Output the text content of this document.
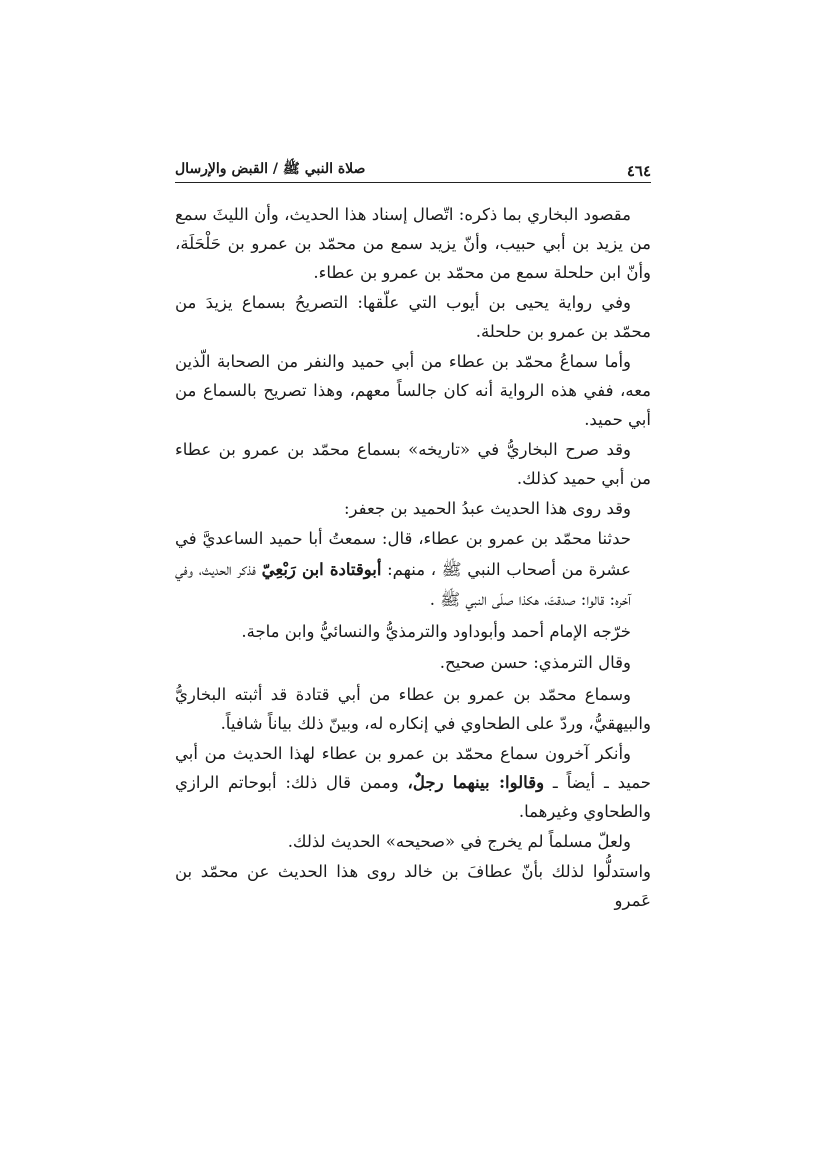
٤٦٤
صلاة النبي ﷺ / القبض والإرسال

مقصود البخاري بما ذكره: اتّصال إسناد هذا الحديث، وأن الليثَ سمع من يزيد بن أبي حبيب، وأنّ يزيد سمع من محمّد بن عمرو بن حَلْحَلَة، وأنّ ابن حلحلة سمع من محمّد بن عمرو بن عطاء.

وفي رواية يحيى بن أيوب التي علّقها: التصريحُ بسماع يزيدَ من محمّد بن عمرو بن حلحلة.

وأما سماعُ محمّد بن عطاء من أبي حميد والنفر من الصحابة الّذين معه، ففي هذه الرواية أنه كان جالساً معهم، وهذا تصريح بالسماع من أبي حميد.

وقد صرح البخاريُّ في «تاريخه» بسماع محمّد بن عمرو بن عطاء من أبي حميد كذلك.

وقد روى هذا الحديث عبدُ الحميد بن جعفر:

حدثنا محمّد بن عمرو بن عطاء، قال: سمعتُ أبا حميد الساعديَّ في عشرة من أصحاب النبي ﷺ ، منهم: أبوقتادة ابن رَبْعِيّ فذكر الحديث، وفي آخره: قالوا: صدقتَ، هكذا صلّى النبي ﷺ .

خرّجه الإمام أحمد وأبوداود والترمذيُّ والنسائيُّ وابن ماجة.

وقال الترمذي: حسن صحيح.

وسماع محمّد بن عمرو بن عطاء من أبي قتادة قد أثبته البخاريُّ والبيهقيُّ، وردّ على الطحاوي في إنكاره له، وبينّ ذلك بياناً شافياً.

وأنكر آخرون سماع محمّد بن عمرو بن عطاء لهذا الحديث من أبي حميد ـ أيضاً ـ وقالوا: بينهما رجلٌ، وممن قال ذلك: أبوحاتم الرازي والطحاوي وغيرهما.

ولعلّ مسلماً لم يخرج في «صحيحه» الحديث لذلك.

واستدلُّوا لذلك بأنّ عطافَ بن خالد روى هذا الحديث عن محمّد بن عَمرو
